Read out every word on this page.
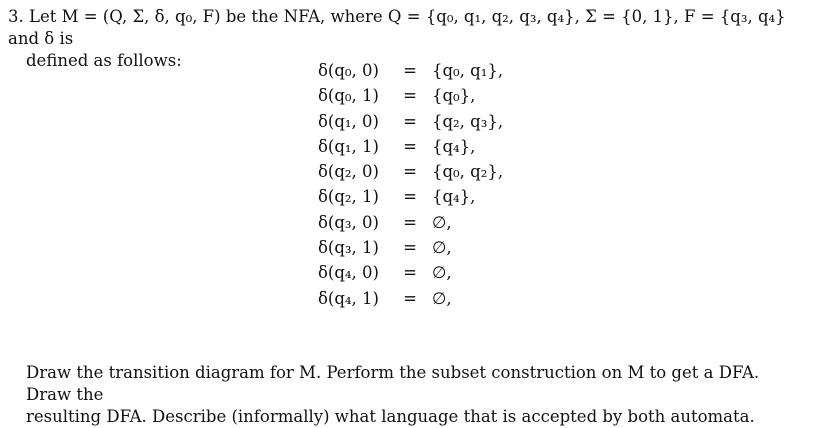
3. Let M = (Q, Σ, δ, q₀, F) be the NFA, where Q = {q₀, q₁, q₂, q₃, q₄}, Σ = {0, 1}, F = {q₃, q₄} and δ is
defined as follows:
δ(q₀, 0)	= {q₀, q₁},
δ(q₀, 1)	= {q₀},
δ(q₁, 0)	= {q₂, q₃},
δ(q₁, 1)	= {q₄},
δ(q₂, 0)	= {q₀, q₂},
δ(q₂, 1)	= {q₄},
δ(q₃, 0)	= ∅,
δ(q₃, 1)	= ∅,
δ(q₄, 0)	= ∅,
δ(q₄, 1)	= ∅,
Draw the transition diagram for M. Perform the subset construction on M to get a DFA. Draw the
resulting DFA. Describe (informally) what language that is accepted by both automata.
